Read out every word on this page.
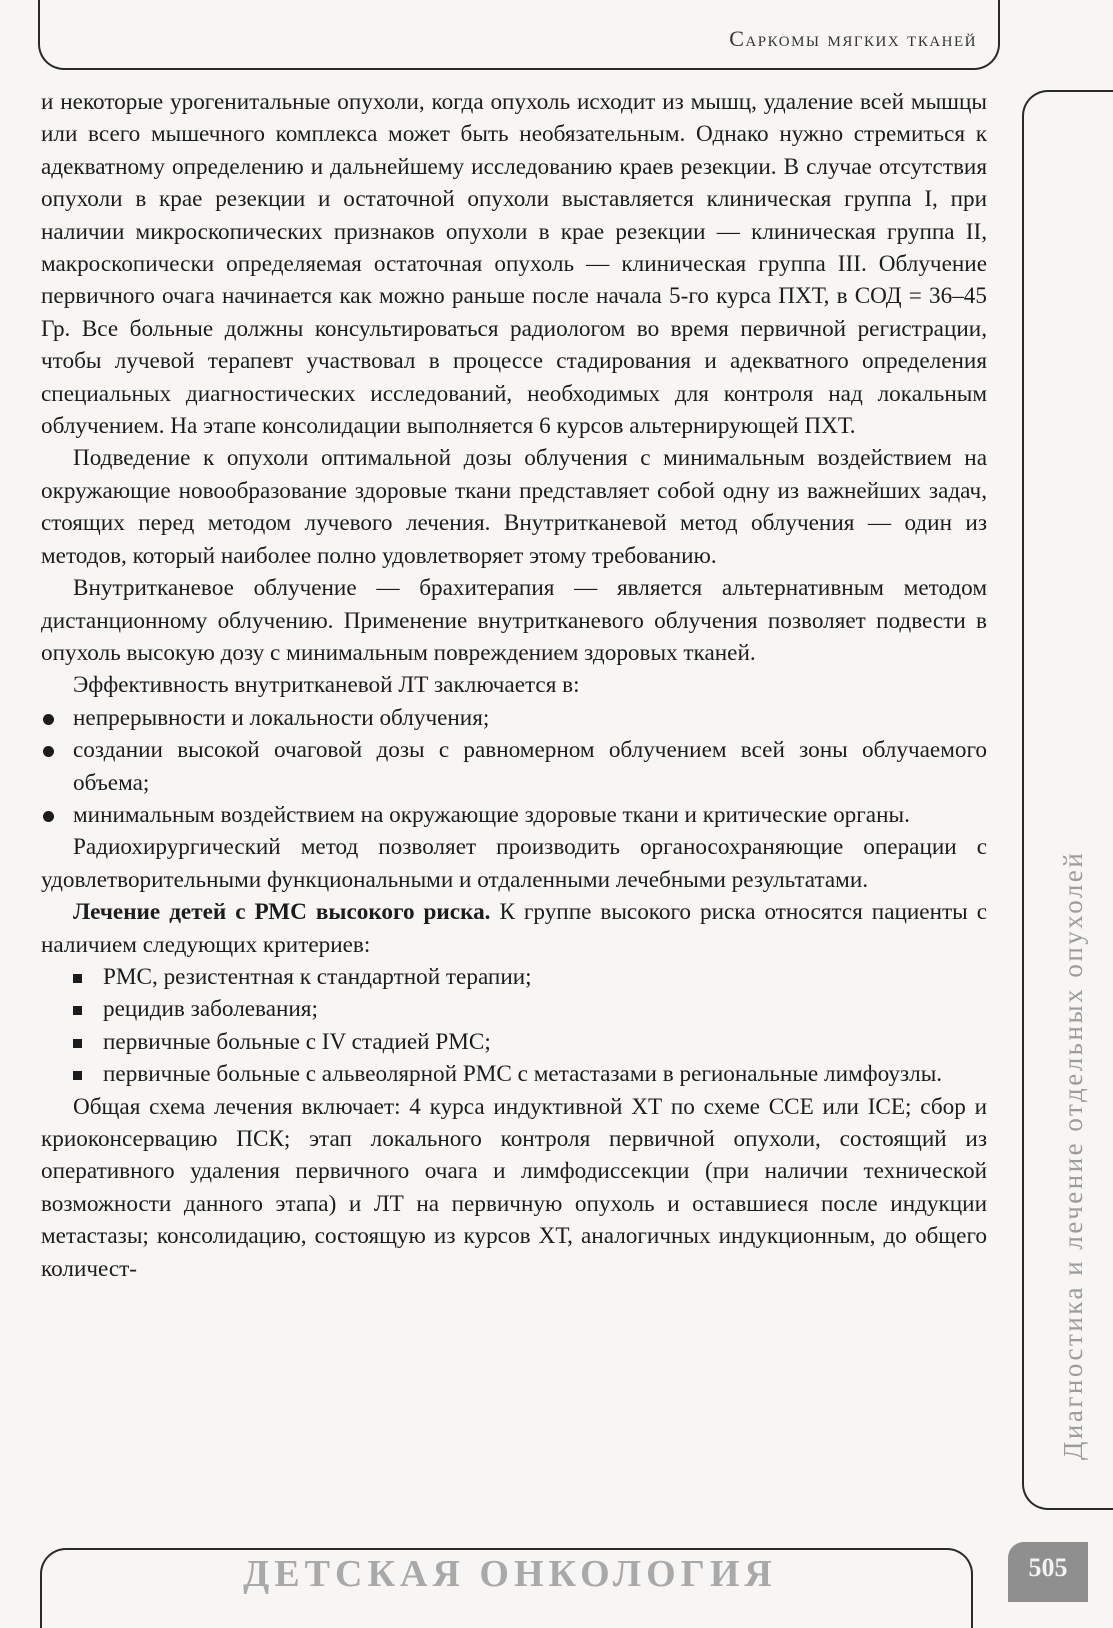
Саркомы мягких тканей
Диагностика и лечение отдельных опухолей

и некоторые урогенитальные опухоли, когда опухоль исходит из мышц, удаление всей мышцы или всего мышечного комплекса может быть необязательным. Однако нужно стремиться к адекватному определению и дальнейшему исследованию краев резекции. В случае отсутствия опухоли в крае резекции и остаточной опухоли выставляется клиническая группа I, при наличии микроскопических признаков опухоли в крае резекции — клиническая группа II, макроскопически определяемая остаточная опухоль — клиническая группа III. Облучение первичного очага начинается как можно раньше после начала 5-го курса ПХТ, в СОД = 36–45 Гр. Все больные должны консультироваться радиологом во время первичной регистрации, чтобы лучевой терапевт участвовал в процессе стадирования и адекватного определения специальных диагностических исследований, необходимых для контроля над локальным облучением. На этапе консолидации выполняется 6 курсов альтернирующей ПХТ.

Подведение к опухоли оптимальной дозы облучения с минимальным воздействием на окружающие новообразование здоровые ткани представляет собой одну из важнейших задач, стоящих перед методом лучевого лечения. Внутритканевой метод облучения — один из методов, который наиболее полно удовлетворяет этому требованию.

Внутритканевое облучение — брахитерапия — является альтернативным методом дистанционному облучению. Применение внутритканевого облучения позволяет подвести в опухоль высокую дозу с минимальным повреждением здоровых тканей.

Эффективность внутритканевой ЛТ заключается в:

непрерывности и локальности облучения;
создании высокой очаговой дозы с равномерном облучением всей зоны облучаемого объема;
минимальным воздействием на окружающие здоровые ткани и критические органы.

Радиохирургический метод позволяет производить органосохраняющие операции с удовлетворительными функциональными и отдаленными лечебными результатами.

Лечение детей с РМС высокого риска. К группе высокого риска относятся пациенты с наличием следующих критериев:

РМС, резистентная к стандартной терапии;
рецидив заболевания;
первичные больные с IV стадией РМС;
первичные больные с альвеолярной РМС с метастазами в региональные лимфоузлы.

Общая схема лечения включает: 4 курса индуктивной ХТ по схеме ССЕ или ICE; сбор и криоконсервацию ПСК; этап локального контроля первичной опухоли, состоящий из оперативного удаления первичного очага и лимфодиссекции (при наличии технической возможности данного этапа) и ЛТ на первичную опухоль и оставшиеся после индукции метастазы; консолидацию, состоящую из курсов ХТ, аналогичных индукционным, до общего количест-

ДЕТСКАЯ ОНКОЛОГИЯ	505
